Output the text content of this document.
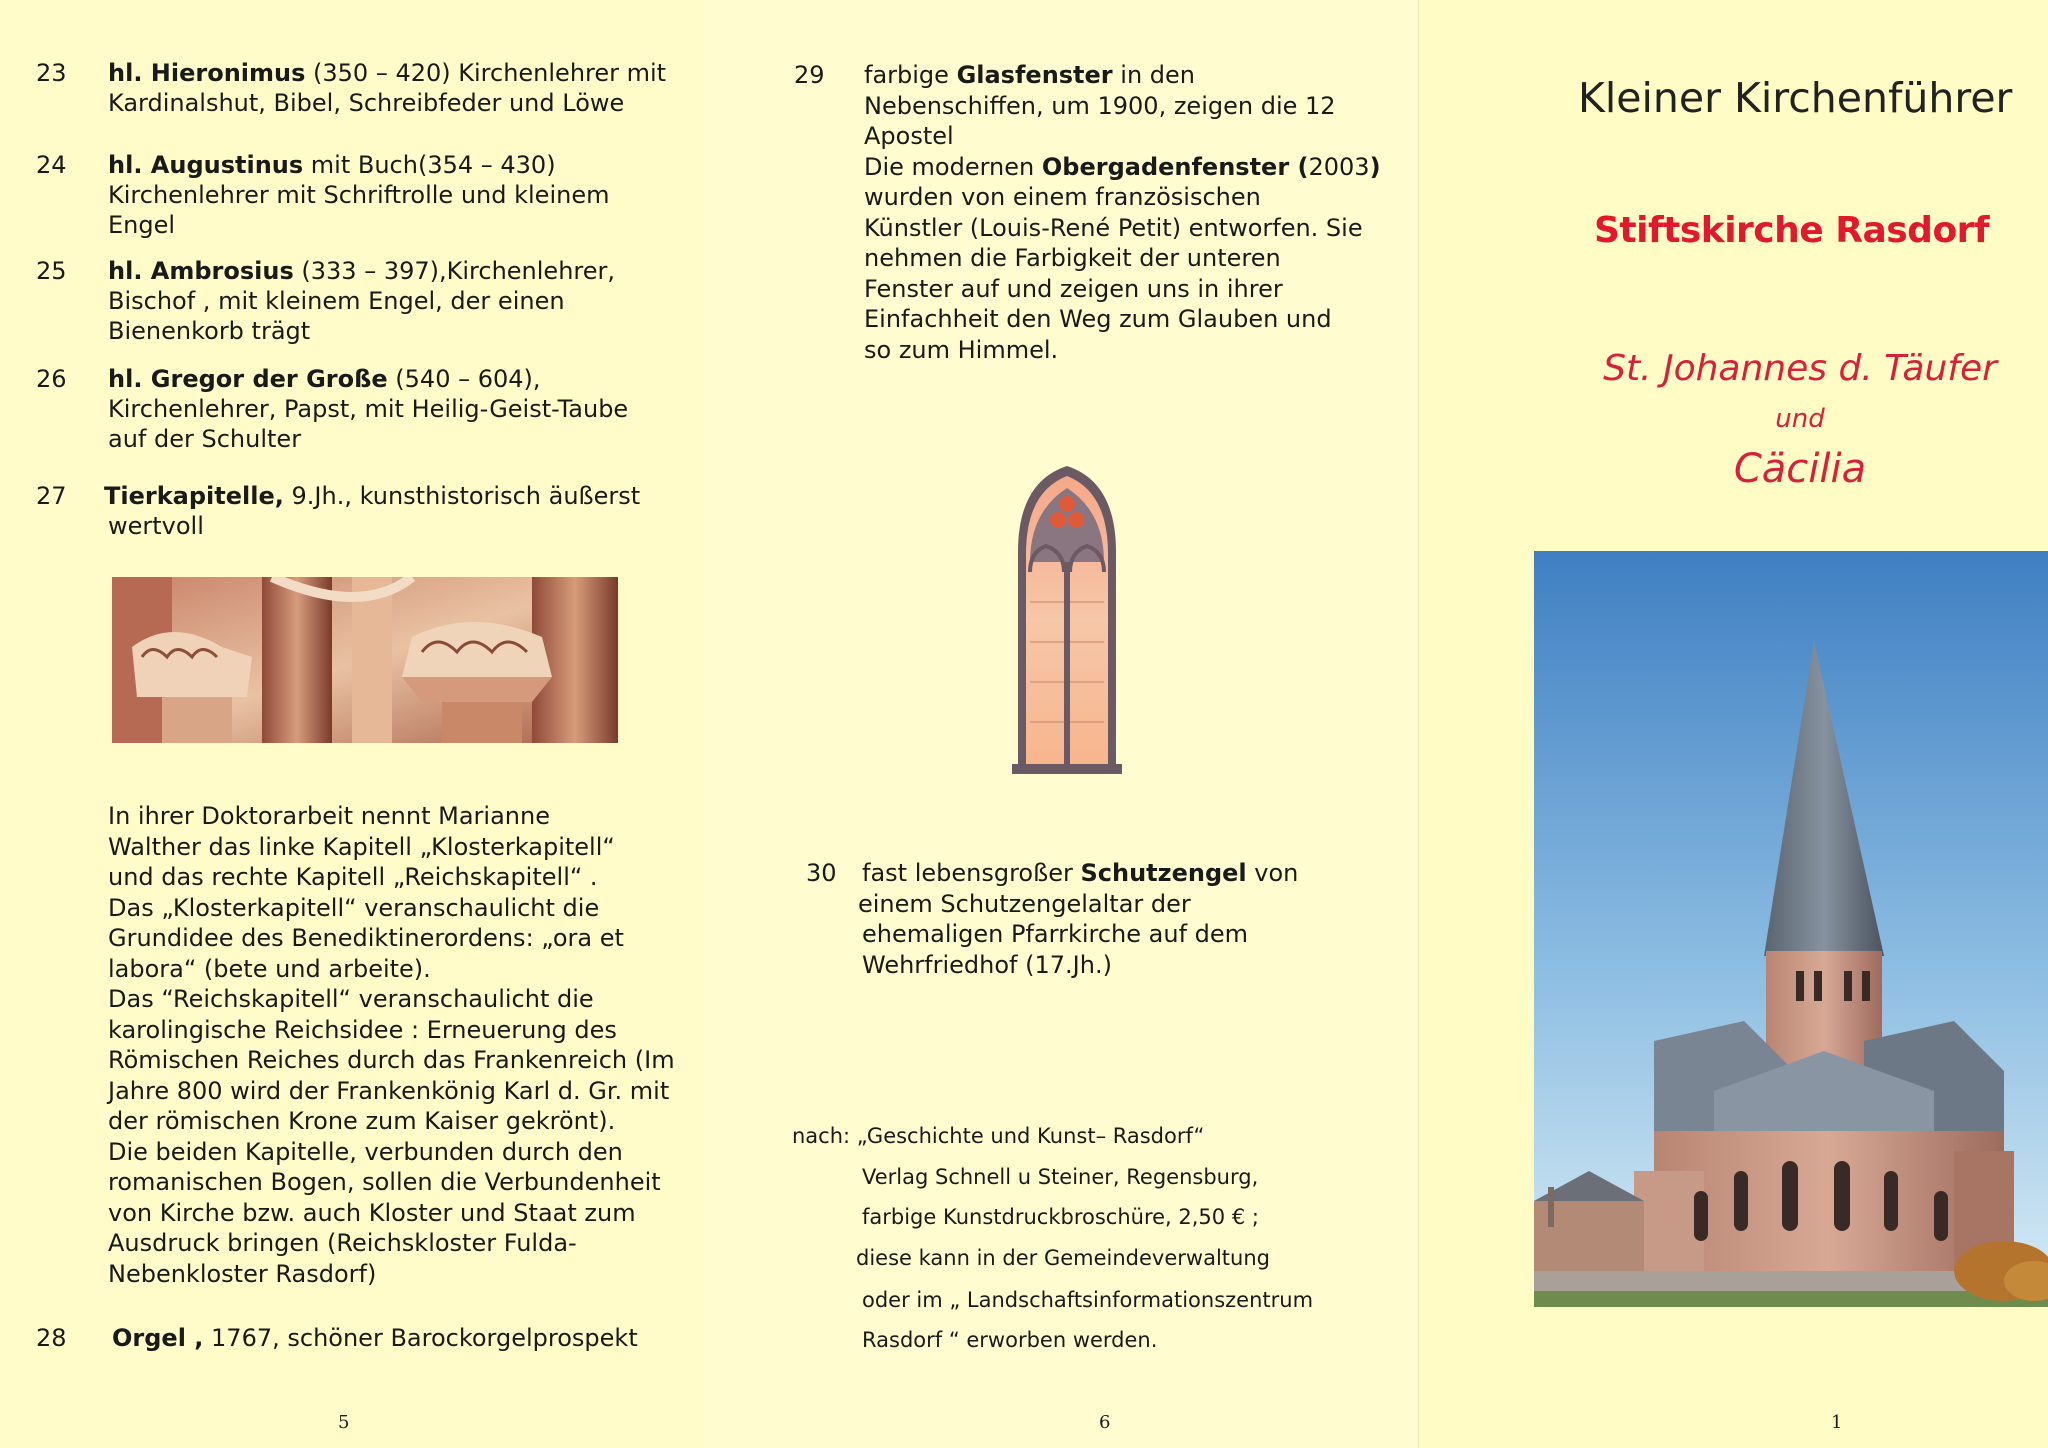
23	hl. Hieronimus (350 – 420) Kirchenlehrer mit
Kardinalshut, Bibel, Schreibfeder und Löwe
24	hl. Augustinus mit Buch(354 – 430)
Kirchenlehrer mit Schriftrolle und kleinem
Engel
25	hl. Ambrosius (333 – 397),Kirchenlehrer,
Bischof , mit kleinem Engel, der einen
Bienenkorb trägt
26	hl. Gregor der Große (540 – 604),
Kirchenlehrer, Papst, mit Heilig-Geist-Taube
auf der Schulter
27	Tierkapitelle, 9.Jh., kunsthistorisch äußerst
wertvoll
In ihrer Doktorarbeit nennt Marianne
Walther das linke Kapitell „Klosterkapitell“
und das rechte Kapitell „Reichskapitell“ .
Das „Klosterkapitell“ veranschaulicht die
Grundidee des Benediktinerordens: „ora et
labora“ (bete und arbeite).
Das “Reichskapitell“ veranschaulicht die
karolingische Reichsidee : Erneuerung des
Römischen Reiches durch das Frankenreich (Im
Jahre 800 wird der Frankenkönig Karl d. Gr. mit
der römischen Krone zum Kaiser gekrönt).
Die beiden Kapitelle, verbunden durch den
romanischen Bogen, sollen die Verbundenheit
von Kirche bzw. auch Kloster und Staat zum
Ausdruck bringen (Reichskloster Fulda-
Nebenkloster Rasdorf)
28	Orgel , 1767, schöner Barockorgelprospekt
5
29	farbige Glasfenster in den
Nebenschiffen, um 1900, zeigen die 12
Apostel
Die modernen Obergadenfenster (2003)
wurden von einem französischen
Künstler (Louis-René Petit) entworfen. Sie
nehmen die Farbigkeit der unteren
Fenster auf und zeigen uns in ihrer
Einfachheit den Weg zum Glauben und
so zum Himmel.
30	fast lebensgroßer Schutzengel von
einem Schutzengelaltar der
ehemaligen Pfarrkirche auf dem
Wehrfriedhof (17.Jh.)
nach: „Geschichte und Kunst– Rasdorf“
Verlag Schnell u Steiner, Regensburg,
farbige Kunstdruckbroschüre, 2,50 € ;
diese kann in der Gemeindeverwaltung
oder im „ Landschaftsinformationszentrum
Rasdorf “ erworben werden.
6
Kleiner Kirchenführer
Stiftskirche Rasdorf
St. Johannes d. Täufer
und
Cäcilia
1
